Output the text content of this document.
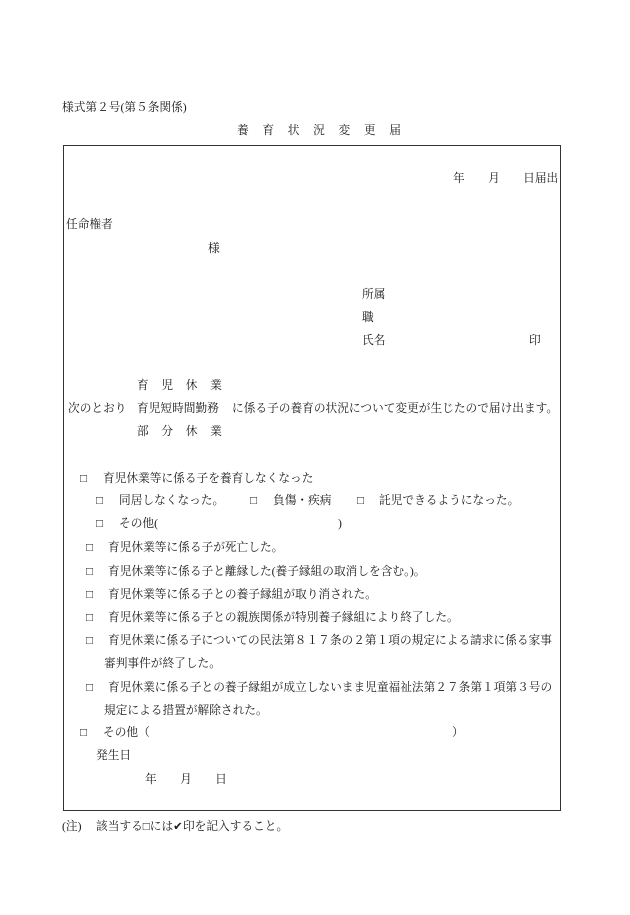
様式第２号(第５条関係)
養　育　状　況　変　更　届
年　　月　　日届出
任命権者
様
所属
職
氏名	印
育　児　休　業
次のとおり 育児短時間勤務 に係る子の養育の状況について変更が生じたので届け出ます。
部　分　休　業
□ 育児休業等に係る子を養育しなくなった
□ 同居しなくなった。 □ 負傷・疾病 □ 託児できるようになった。
□ その他(	)
□ 育児休業等に係る子が死亡した。
□ 育児休業等に係る子と離縁した(養子縁組の取消しを含む。)。
□ 育児休業等に係る子との養子縁組が取り消された。
□ 育児休業等に係る子との親族関係が特別養子縁組により終了した。
□ 育児休業に係る子についての民法第８１７条の２第１項の規定による請求に係る家事
審判事件が終了した。
□ 育児休業に係る子との養子縁組が成立しないまま児童福祉法第２７条第１項第３号の
規定による措置が解除された。
□ その他（	）
発生日
年　　月　　日
(注) 該当する□には✔印を記入すること。
